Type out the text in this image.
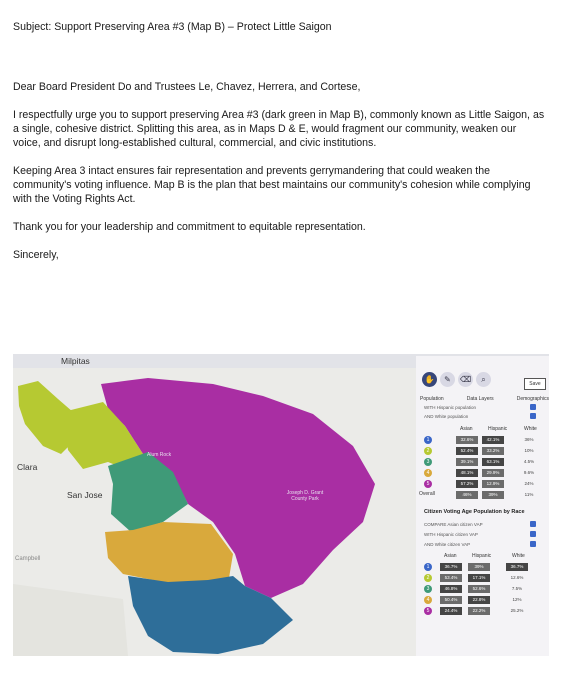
Subject: Support Preserving Area #3 (Map B) – Protect Little Saigon
Dear Board President Do and Trustees Le, Chavez, Herrera, and Cortese,
I respectfully urge you to support preserving Area #3 (dark green in Map B), commonly known as Little Saigon, as a single, cohesive district. Splitting this area, as in Maps D & E, would fragment our community, weaken our voice, and disrupt long-established cultural, commercial, and civic institutions.
Keeping Area 3 intact ensures fair representation and prevents gerrymandering that could weaken the community's voting influence. Map B is the plan that best maintains our community's cohesion while complying with the Voting Rights Act.
Thank you for your leadership and commitment to equitable representation.
Sincerely,
Milpitas
Clara
San Jose
Campbell
Joseph D. Grant County Park
Alum Rock
✋	✎	⌫	⌕
Save
Population	Data Layers	Demographics
WITH Hispanic population
AND White population
Asian	Hispanic	White
1	32.6%	42.1%	36%
2	52.4%	33.2%	10%
3	39.1%	63.1%	4.5%
4	48.1%	29.9%	9.6%
5	57.2%	12.9%	24%
Overall	46%	39%	11%
Citizen Voting Age Population by Race
COMPARE Asian citizen VAP
WITH Hispanic citizen VAP
AND White citizen VAP
Asian	Hispanic	White
1	36.7%	39%	36.7%
2	53.4%	17.1%	12.6%
3	46.8%	52.6%	7.5%
4	50.4%	22.8%	12%
5	24.4%	22.2%	25.2%
